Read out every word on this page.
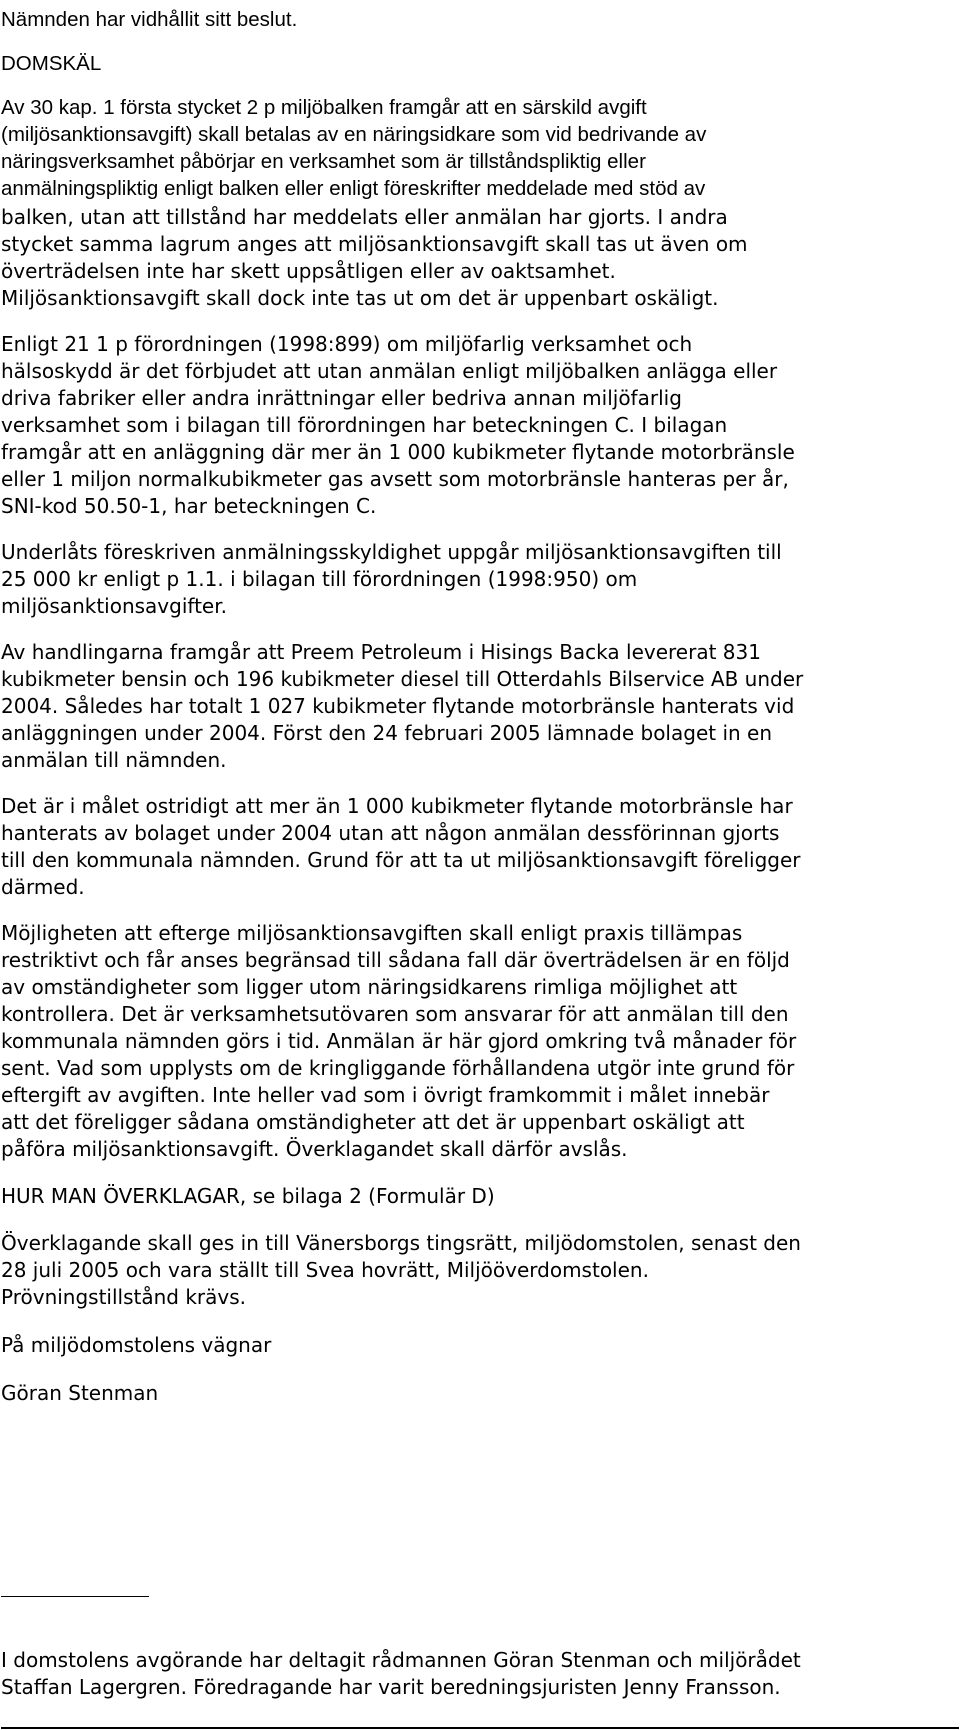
Nämnden har vidhållit sitt beslut.
DOMSKÄL
Av 30 kap. 1 första stycket 2 p miljöbalken framgår att en särskild avgift
(miljösanktionsavgift) skall betalas av en näringsidkare som vid bedrivande av
näringsverksamhet påbörjar en verksamhet som är tillståndspliktig eller
anmälningspliktig enligt balken eller enligt föreskrifter meddelade med stöd av
balken, utan att tillstånd har meddelats eller anmälan har gjorts. I andra
stycket samma lagrum anges att miljösanktionsavgift skall tas ut även om
överträdelsen inte har skett uppsåtligen eller av oaktsamhet.
Miljösanktionsavgift skall dock inte tas ut om det är uppenbart oskäligt.
Enligt 21 1 p förordningen (1998:899) om miljöfarlig verksamhet och
hälsoskydd är det förbjudet att utan anmälan enligt miljöbalken anlägga eller
driva fabriker eller andra inrättningar eller bedriva annan miljöfarlig
verksamhet som i bilagan till förordningen har beteckningen C. I bilagan
framgår att en anläggning där mer än 1 000 kubikmeter flytande motorbränsle
eller 1 miljon normalkubikmeter gas avsett som motorbränsle hanteras per år,
SNI-kod 50.50-1, har beteckningen C.
Underlåts föreskriven anmälningsskyldighet uppgår miljösanktionsavgiften till
25 000 kr enligt p 1.1. i bilagan till förordningen (1998:950) om
miljösanktionsavgifter.
Av handlingarna framgår att Preem Petroleum i Hisings Backa levererat 831
kubikmeter bensin och 196 kubikmeter diesel till Otterdahls Bilservice AB under
2004. Således har totalt 1 027 kubikmeter flytande motorbränsle hanterats vid
anläggningen under 2004. Först den 24 februari 2005 lämnade bolaget in en
anmälan till nämnden.
Det är i målet ostridigt att mer än 1 000 kubikmeter flytande motorbränsle har
hanterats av bolaget under 2004 utan att någon anmälan dessförinnan gjorts
till den kommunala nämnden. Grund för att ta ut miljösanktionsavgift föreligger
därmed.
Möjligheten att efterge miljösanktionsavgiften skall enligt praxis tillämpas
restriktivt och får anses begränsad till sådana fall där överträdelsen är en följd
av omständigheter som ligger utom näringsidkarens rimliga möjlighet att
kontrollera. Det är verksamhetsutövaren som ansvarar för att anmälan till den
kommunala nämnden görs i tid. Anmälan är här gjord omkring två månader för
sent. Vad som upplysts om de kringliggande förhållandena utgör inte grund för
eftergift av avgiften. Inte heller vad som i övrigt framkommit i målet innebär
att det föreligger sådana omständigheter att det är uppenbart oskäligt att
påföra miljösanktionsavgift. Överklagandet skall därför avslås.
HUR MAN ÖVERKLAGAR, se bilaga 2 (Formulär D)
Överklagande skall ges in till Vänersborgs tingsrätt, miljödomstolen, senast den
28 juli 2005 och vara ställt till Svea hovrätt, Miljööverdomstolen.
Prövningstillstånd krävs.
På miljödomstolens vägnar
Göran Stenman
I domstolens avgörande har deltagit rådmannen Göran Stenman och miljörådet
Staffan Lagergren. Föredragande har varit beredningsjuristen Jenny Fransson.
